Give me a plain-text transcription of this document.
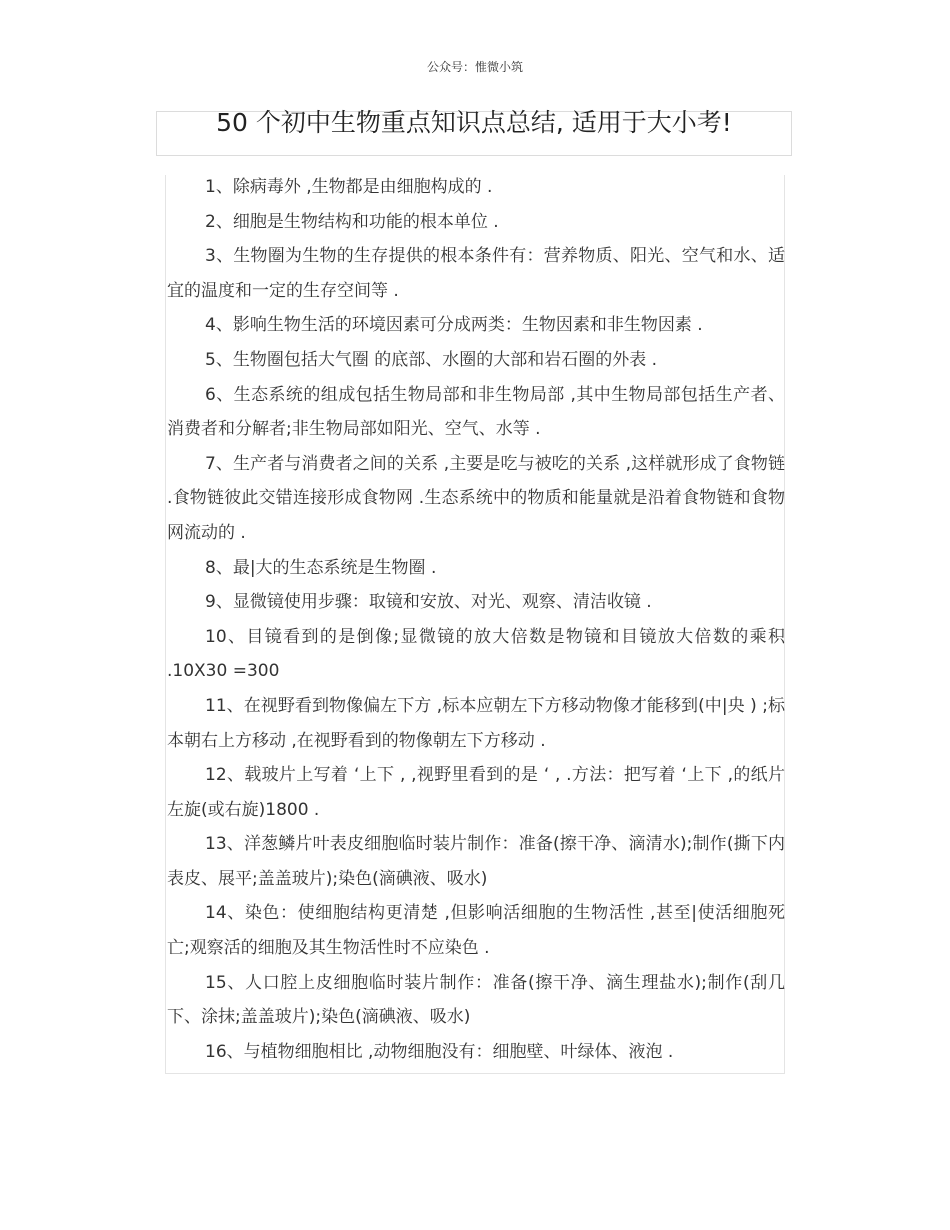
公众号：惟微小筑
50 个初中生物重点知识点总结, 适用于大小考!

1、除病毒外 ,生物都是由细胞构成的 .

2、细胞是生物结构和功能的根本单位 .

3、生物圈为生物的生存提供的根本条件有：营养物质、阳光、空气和水、适宜的温度和一定的生存空间等 .

4、影响生物生活的环境因素可分成两类：生物因素和非生物因素 .

5、生物圈包括大气圈 的底部、水圈的大部和岩石圈的外表 .

6、生态系统的组成包括生物局部和非生物局部 ,其中生物局部包括生产者、消费者和分解者;非生物局部如阳光、空气、水等 .

7、生产者与消费者之间的关系 ,主要是吃与被吃的关系 ,这样就形成了食物链 .食物链彼此交错连接形成食物网 .生态系统中的物质和能量就是沿着食物链和食物网流动的 .

8、最|大的生态系统是生物圈 .

9、显微镜使用步骤：取镜和安放、对光、观察、清洁收镜 .

10、目镜看到的是倒像;显微镜的放大倍数是物镜和目镜放大倍数的乘积 .10X30 =300

11、在视野看到物像偏左下方 ,标本应朝左下方移动物像才能移到(中|央 ) ;标本朝右上方移动 ,在视野看到的物像朝左下方移动 .

12、载玻片上写着 ‘上下 , ,视野里看到的是 ‘ , .方法：把写着 ‘上下 ,的纸片左旋(或右旋)1800 .

13、洋葱鳞片叶表皮细胞临时装片制作：准备(擦干净、滴清水);制作(撕下内表皮、展平;盖盖玻片);染色(滴碘液、吸水)

14、染色：使细胞结构更清楚 ,但影响活细胞的生物活性 ,甚至|使活细胞死亡;观察活的细胞及其生物活性时不应染色 .

15、人口腔上皮细胞临时装片制作：准备(擦干净、滴生理盐水);制作(刮几下、涂抹;盖盖玻片);染色(滴碘液、吸水)

16、与植物细胞相比 ,动物细胞没有：细胞壁、叶绿体、液泡 .
